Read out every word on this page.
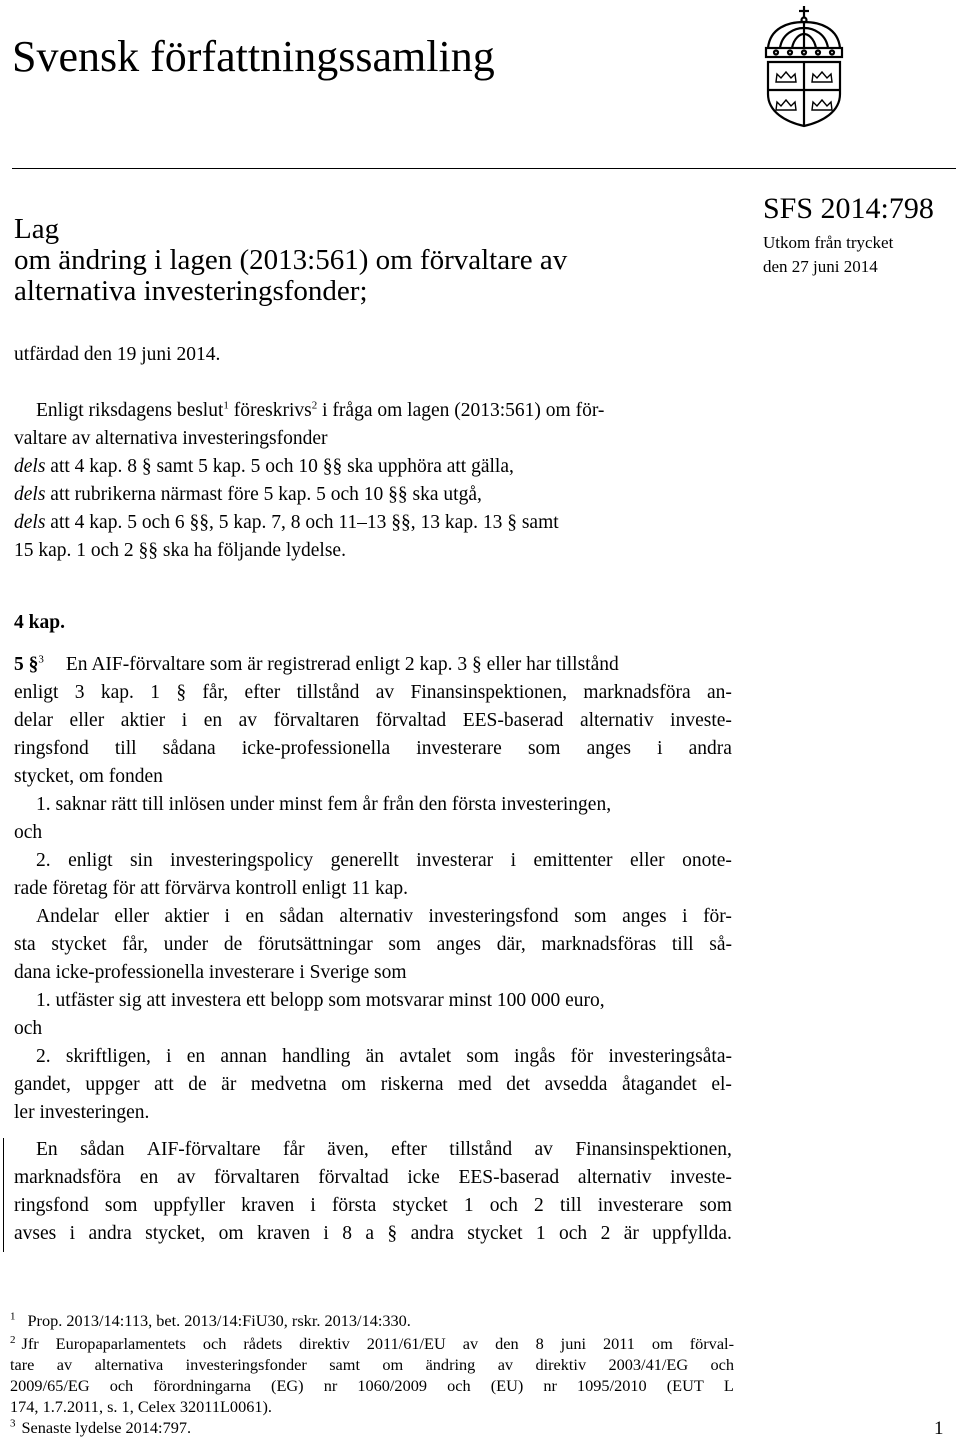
Svensk författningssamling
Lag
om ändring i lagen (2013:561) om förvaltare av
alternativa investeringsfonder;
SFS 2014:798
Utkom från trycket
den 27 juni 2014
utfärdad den 19 juni 2014.
Enligt riksdagens beslut$^1$ föreskrivs$^2$ i fråga om lagen (2013:561) om för-
valtare av alternativa investeringsfonder
dels att 4 kap. 8 § samt 5 kap. 5 och 10 §§ ska upphöra att gälla,
dels att rubrikerna närmast före 5 kap. 5 och 10 §§ ska utgå,
dels att 4 kap. 5 och 6 §§, 5 kap. 7, 8 och 11–13 §§, 13 kap. 13 § samt
15 kap. 1 och 2 §§ ska ha följande lydelse.
4 kap.
5 §$^3$ En AIF-förvaltare som är registrerad enligt 2 kap. 3 § eller har tillstånd
enligt 3 kap. 1 § får, efter tillstånd av Finansinspektionen, marknadsföra an-
delar eller aktier i en av förvaltaren förvaltad EES-baserad alternativ investe-
ringsfond till sådana icke-professionella investerare som anges i andra
stycket, om fonden
1. saknar rätt till inlösen under minst fem år från den första investeringen,
och
2. enligt sin investeringspolicy generellt investerar i emittenter eller onote-
rade företag för att förvärva kontroll enligt 11 kap.
Andelar eller aktier i en sådan alternativ investeringsfond som anges i för-
sta stycket får, under de förutsättningar som anges där, marknadsföras till så-
dana icke-professionella investerare i Sverige som
1. utfäster sig att investera ett belopp som motsvarar minst 100 000 euro,
och
2. skriftligen, i en annan handling än avtalet som ingås för investeringsåta-
gandet, uppger att de är medvetna om riskerna med det avsedda åtagandet el-
ler investeringen.
En sådan AIF-förvaltare får även, efter tillstånd av Finansinspektionen,
marknadsföra en av förvaltaren förvaltad icke EES-baserad alternativ investe-
ringsfond som uppfyller kraven i första stycket 1 och 2 till investerare som
avses i andra stycket, om kraven i 8 a § andra stycket 1 och 2 är uppfyllda.
$^1$ Prop. 2013/14:113, bet. 2013/14:FiU30, rskr. 2013/14:330.
$^2$ Jfr Europaparlamentets och rådets direktiv 2011/61/EU av den 8 juni 2011 om förval-
tare av alternativa investeringsfonder samt om ändring av direktiv 2003/41/EG och
2009/65/EG och förordningarna (EG) nr 1060/2009 och (EU) nr 1095/2010 (EUT L
174, 1.7.2011, s. 1, Celex 32011L0061).
$^3$ Senaste lydelse 2014:797.	1
